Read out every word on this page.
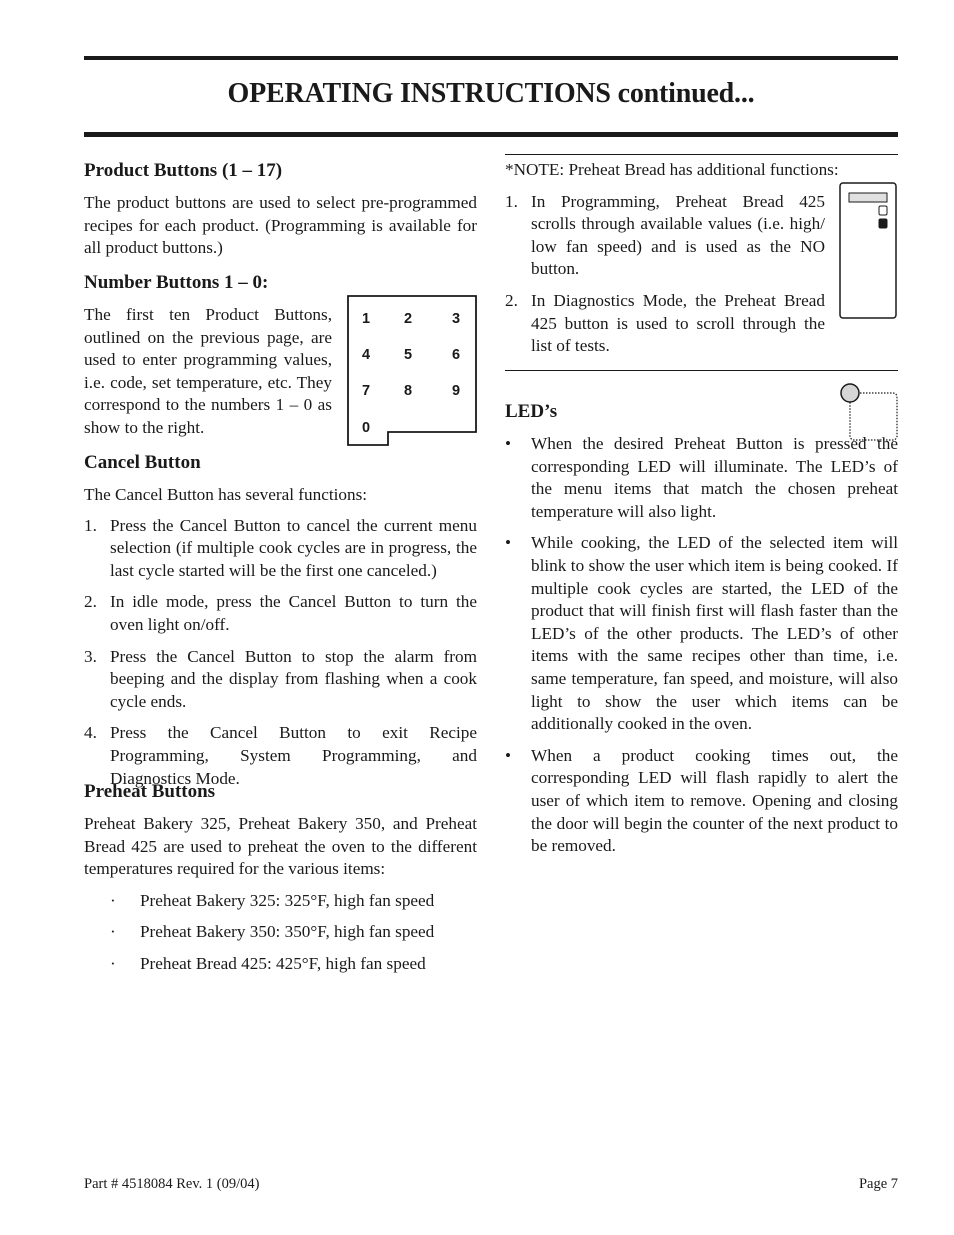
OPERATING INSTRUCTIONS continued...
Product Buttons (1 – 17)

The product buttons are used to select pre-programmed recipes for each product. (Programming is available for all product buttons.)

Number Buttons 1 – 0:

The first ten Product Buttons, outlined on the previous page, are used to enter programming values, i.e. code, set temperature, etc. They correspond to the numbers 1 – 0 as show to the right.

1 2	3
4 5	6
7 8	9
0
Cancel Button

The Cancel Button has several functions:

1. Press the Cancel Button to cancel the current menu selection (if multiple cook cycles are in progress, the last cycle started will be the first one canceled.)
2. In idle mode, press the Cancel Button to turn the oven light on/off.
3. Press the Cancel Button to stop the alarm from beeping and the display from flashing when a cook cycle ends.
4. Press the Cancel Button to exit Recipe Programming, System Programming, and Diagnostics Mode.
Preheat Buttons

Preheat Bakery 325, Preheat Bakery 350, and Preheat Bread 425 are used to preheat the oven to the different temperatures required for the various items:

·	Preheat Bakery 325: 325°F, high fan speed
·	Preheat Bakery 350: 350°F, high fan speed
·	Preheat Bread 425: 425°F, high fan speed

*NOTE: Preheat Bread has additional functions:

1. In Programming, Preheat Bread 425 scrolls through available values (i.e. high/ low fan speed) and is used as the NO button.
2. In Diagnostics Mode, the Preheat Bread 425 button is used to scroll through the list of tests.
LED’s
•	When the desired Preheat Button is pressed the corresponding LED will illuminate. The LED’s of the menu items that match the chosen preheat temperature will also light.
•	While cooking, the LED of the selected item will blink to show the user which item is being cooked. If multiple cook cycles are started, the LED of the product that will finish first will flash faster than the LED’s of the other products. The LED’s of other items with the same recipes other than time, i.e. same temperature, fan speed, and moisture, will also light to show the user which items can be additionally cooked in the oven.
•	When a product cooking times out, the corresponding LED will flash rapidly to alert the user of which item to remove. Opening and closing the door will begin the counter of the next product to be removed.
Part # 4518084 Rev. 1 (09/04)	Page 7
